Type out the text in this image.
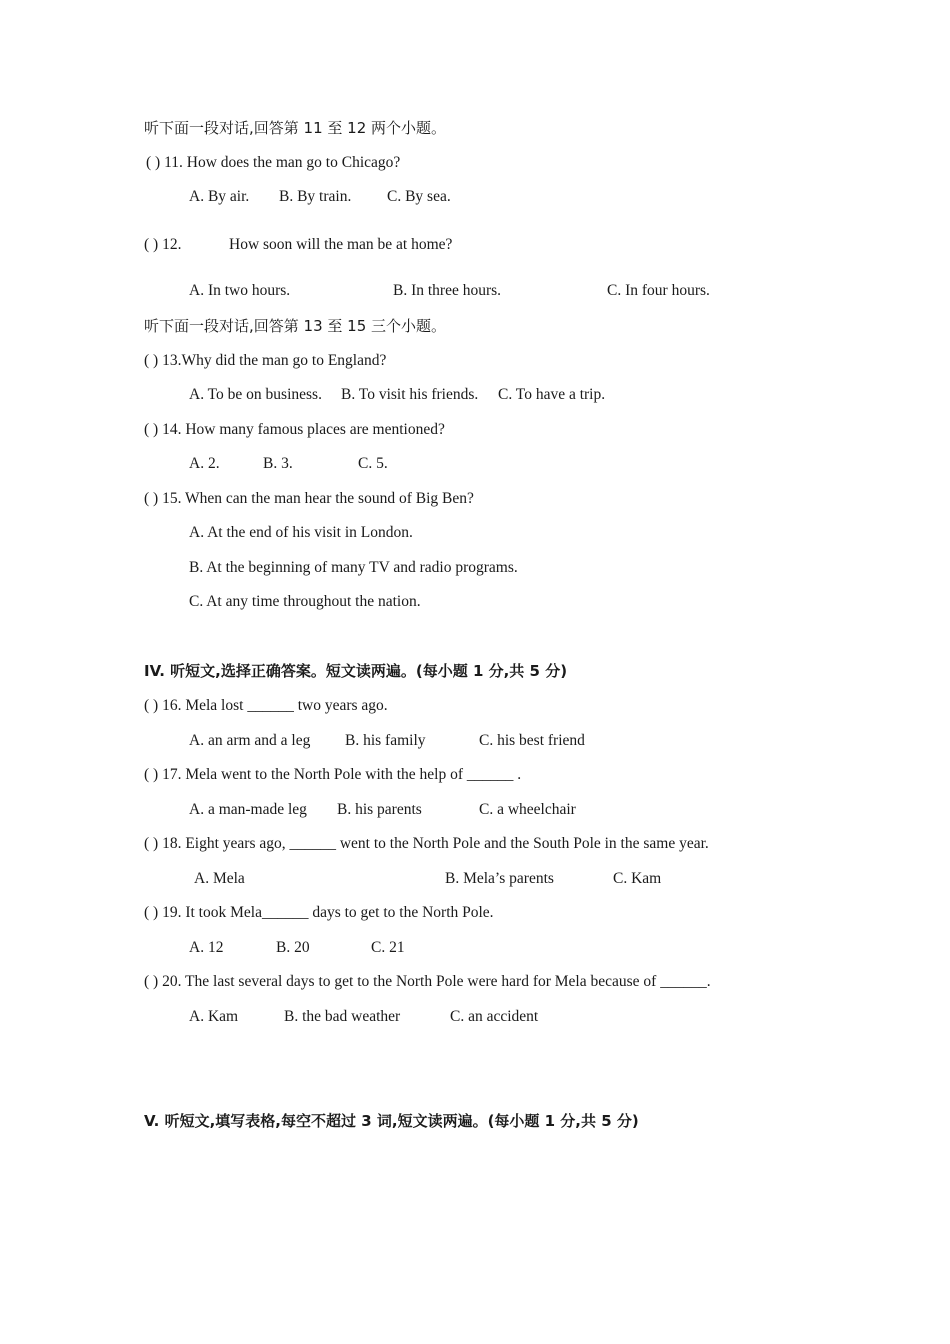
听下面一段对话,回答第 11 至 12 两个小题。
( ) 11. How does the man go to Chicago?
A. By air. B. By train. C. By sea.
( ) 12.	How soon will the man be at home?
A. In two hours.	B. In three hours.	C. In four hours.
听下面一段对话,回答第 13 至 15 三个小题。
( ) 13.Why did the man go to England?
A. To be on business. B. To visit his friends. C. To have a trip.
( ) 14. How many famous places are mentioned?
A. 2.	B. 3.	C. 5.
( ) 15. When can the man hear the sound of Big Ben?
A. At the end of his visit in London.
B. At the beginning of many TV and radio programs.
C. At any time throughout the nation.
IV. 听短文,选择正确答案。短文读两遍。(每小题 1 分,共 5 分)
( ) 16. Mela lost ______ two years ago.
A. an arm and a leg B. his family	C. his best friend
( ) 17. Mela went to the North Pole with the help of ______ .
A. a man-made leg B. his parents	C. a wheelchair
( ) 18. Eight years ago, ______ went to the North Pole and the South Pole in the same year.
A. Mela	B. Mela’s parents	C. Kam
( ) 19. It took Mela______ days to get to the North Pole.
A. 12	B. 20	C. 21
( ) 20. The last several days to get to the North Pole were hard for Mela because of ______.
A. Kam	B. the bad weather	C. an accident
V. 听短文,填写表格,每空不超过 3 词,短文读两遍。(每小题 1 分,共 5 分)
